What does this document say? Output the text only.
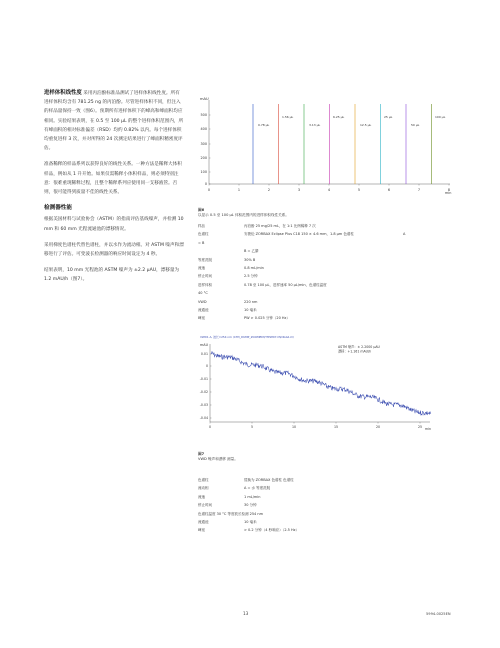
进样体积线性度 采用丙泊酚标准品测试了进样体积线性度。所有进样体积均含有 781.25 ng 的丙泊酚。尽管进样体积不同，但注入的样品量保持一致（图6）。预期所有进样体积下的峰高和峰面积均应相同。实验结果表明，在 0.5 至 100 μL 的整个进样体积范围内，所有峰面积的相对标准偏差（RSD）均约 0.82% 以内。每个进样体积均重复进样 3 次，并对所得的 24 次测定结果进行了峰面积精密度评估。

准备稀释的样品系列以获得良好的线性关系。一种方法是稀释大体积样品，例如从 1 升开始。如果仅需稀释小体积样品，则必须特别注意：很难重现稀释过程，且整个稀释系列应使用同一支移液管。否则，很可能得到质量不佳的线性关系。

检测器性能

根据美国材料与试验协会（ASTM）的指南评估基线噪声，并检测 10 mm 和 60 mm 光程流通池的漂移情况。

采用梯度色谱柱代替色谱柱，并以水作为流动相。对 ASTM 噪声和漂移进行了评估。可变波长检测器的响应时间设定为 4 秒。

结果表明，10 mm 光程池的 ASTM 噪声为 ±2.2 μAU，漂移量为 1.2 mAU/h（图7）。

mAU
500
400
300
200
100
0
0	1	2	3	4	5	6	7	8
1.56 μL	6.25 μL	25 μL	100 μL
0.78 μL	3.13 μL	12.5 μL	50 μL
min
图6
以显示 0.5 至 100 μL 体积范围内的进样体积线性关系。
样品	丙泊酚 25 mg/25 mL，在 1:1 比例稀释 7 次
色谱柱	安捷伦 ZORBAX Eclipse Plus C18 150 × 4.6 mm，1.8 μm 色谱柱	A
= B
B = 乙腈
等度洗脱	30% B
流速	0.8 mL/min
停止时间	2.5 分钟
进样体积	0.78 至 100 μL，进样速率 50 μL/min，色谱柱温度
40 °C
VWD	220 nm
流通池	10 毫米
峰宽	PW > 0.025 分钟（20 Hz）
mAU
0.01
0
-0.01
-0.02
-0.03
-0.04
0	5	10	15	20	25
ASTM 噪声：± 2.2000 μAU
漂移：+1.161 mAU/h
min
VWD1 A, 波长=254 nm (CH3_DUMP_ZOOMED\HTPWD7.D\DIGG1.D)
图7
VWD 噪声和漂移 测量。
色谱柱	替换为 ZORBAX 色谱柱 色谱柱
流动相	A = 水 等度洗脱
流速	1 mL/min
停止时间	30 分钟
色谱柱温度 30 °C 等度波长检测 254 nm
流通池	10 毫米
峰宽	> 0.2 分钟（4 秒响应）（2.5 Hz）
13	5994-0025EN
